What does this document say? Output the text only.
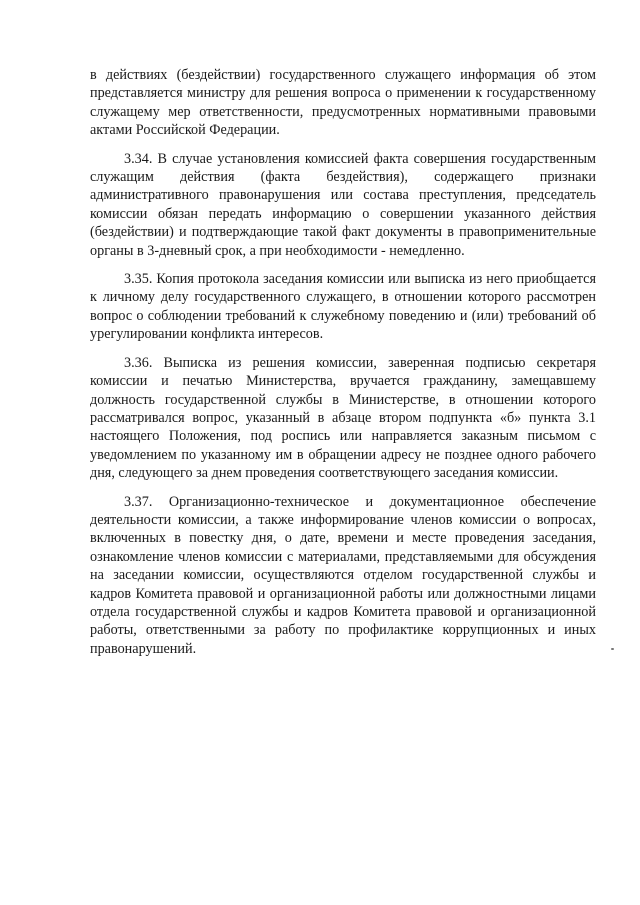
в действиях (бездействии) государственного служащего информация об этом представляется министру для решения вопроса о применении к государственному служащему мер ответственности, предусмотренных нормативными правовыми актами Российской Федерации.

3.34. В случае установления комиссией факта совершения государственным служащим действия (факта бездействия), содержащего признаки административного правонарушения или состава преступления, председатель комиссии обязан передать информацию о совершении указанного действия (бездействии) и подтверждающие такой факт документы в правоприменительные органы в 3-дневный срок, а при необходимости - немедленно.

3.35. Копия протокола заседания комиссии или выписка из него приобщается к личному делу государственного служащего, в отношении которого рассмотрен вопрос о соблюдении требований к служебному поведению и (или) требований об урегулировании конфликта интересов.

3.36. Выписка из решения комиссии, заверенная подписью секретаря комиссии и печатью Министерства, вручается гражданину, замещавшему должность государственной службы в Министерстве, в отношении которого рассматривался вопрос, указанный в абзаце втором подпункта «б» пункта 3.1 настоящего Положения, под роспись или направляется заказным письмом с уведомлением по указанному им в обращении адресу не позднее одного рабочего дня, следующего за днем проведения соответствующего заседания комиссии.

3.37. Организационно-техническое и документационное обеспечение деятельности комиссии, а также информирование членов комиссии о вопросах, включенных в повестку дня, о дате, времени и месте проведения заседания, ознакомление членов комиссии с материалами, представляемыми для обсуждения на заседании комиссии, осуществляются отделом государственной службы и кадров Комитета правовой и организационной работы или должностными лицами отдела государственной службы и кадров Комитета правовой и организационной работы, ответственными за работу по профилактике коррупционных и иных правонарушений.
